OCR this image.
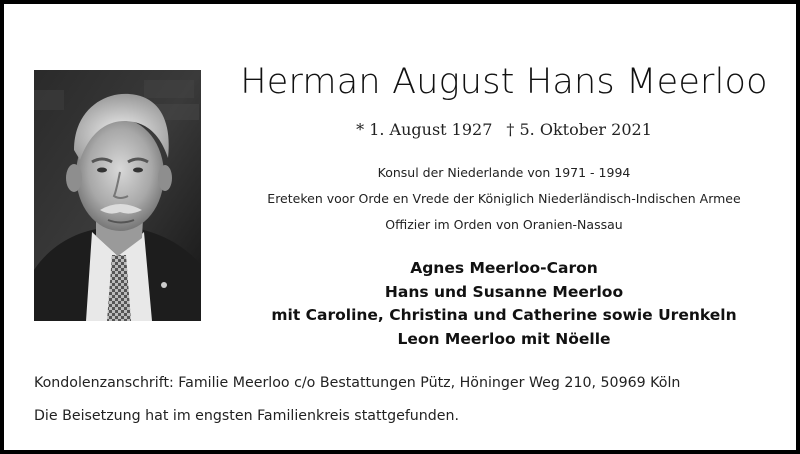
Herman August Hans Meerloo
* 1. August 1927 † 5. Oktober 2021
Konsul der Niederlande von 1971 - 1994
Ereteken voor Orde en Vrede der Königlich Niederländisch-Indischen Armee
Offizier im Orden von Oranien-Nassau
Agnes Meerloo-Caron
Hans und Susanne Meerloo
mit Caroline, Christina und Catherine sowie Urenkeln
Leon Meerloo mit Nöelle
Kondolenzanschrift: Familie Meerloo c/o Bestattungen Pütz, Höninger Weg 210, 50969 Köln
Die Beisetzung hat im engsten Familienkreis stattgefunden.
